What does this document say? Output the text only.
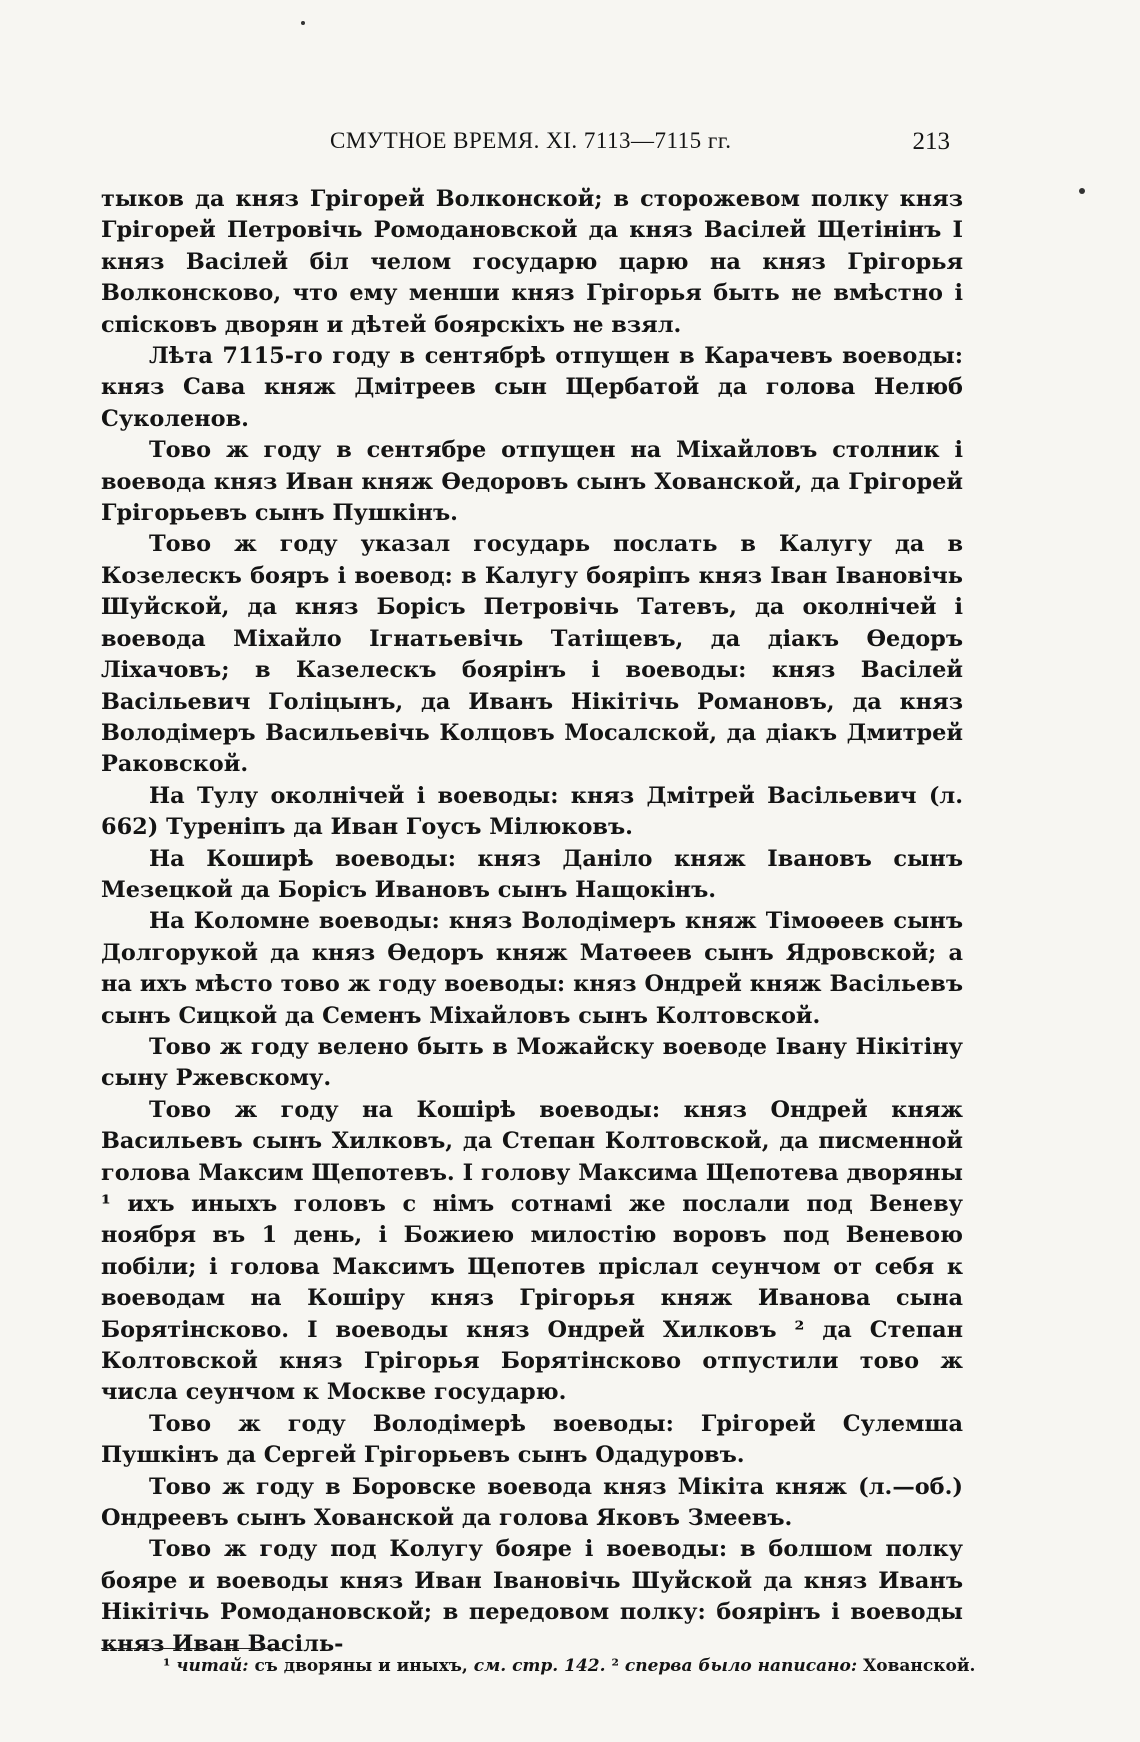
СМУТНОЕ ВРЕМЯ. XI. 7113—7115 гг.	213

тыков да княз Грігорей Волконской; в сторожевом полку княз Грігорей Петровічь Ромодановской да княз Васілей Щетінінъ І княз Васілей біл челом государю царю на княз Грігорья Волконсково, что ему менши княз Грігорья быть не вмѣстно і спісковъ дворян и дѣтей боярскіхъ не взял.

Лѣта 7115-го году в сентябрѣ отпущен в Карачевъ воеводы: княз Сава княж Дмітреев сын Щербатой да голова Нелюб Суколенов.

Тово ж году в сентябре отпущен на Міхайловъ столник і воевода княз Иван княж Өедоровъ сынъ Хованской, да Грігорей Грігорьевъ сынъ Пушкінъ.

Тово ж году указал государь послать в Калугу да в Козелескъ бояръ і воевод: в Калугу бояріпъ княз Іван Івановічь Шуйской, да княз Борісъ Петровічь Татевъ, да околнічей і воевода Міхайло Ігнатьевічь Татіщевъ, да діакъ Өедоръ Ліхачовъ; в Казелескъ боярінъ і воеводы: княз Васілей Васільевич Голіцынъ, да Иванъ Нікітічь Романовъ, да княз Володімеръ Васильевічь Колцовъ Мосалской, да діакъ Дмитрей Раковской.

На Тулу околнічей і воеводы: княз Дмітрей Васільевич (л. 662) Туреніпъ да Иван Гоусъ Мілюковъ.

На Коширѣ воеводы: княз Даніло княж Івановъ сынъ Мезецкой да Борісъ Ивановъ сынъ Нащокінъ.

На Коломне воеводы: княз Володімеръ княж Тімоөеев сынъ Долгорукой да княз Өедоръ княж Матөеев сынъ Ядровской; а на ихъ мѣсто тово ж году воеводы: княз Ондрей княж Васільевъ сынъ Сицкой да Семенъ Міхайловъ сынъ Колтовской.

Тово ж году велено быть в Можайску воеводе Івану Нікітіну сыну Ржевскому.

Тово ж году на Кошірѣ воеводы: княз Ондрей княж Васильевъ сынъ Хилковъ, да Степан Колтовской, да писменной голова Максим Щепотевъ. І голову Максима Щепотева дворяны ¹ ихъ иныхъ головъ с німъ сотнамі же послали под Веневу ноября въ 1 день, і Божиею милостію воровъ под Веневою побіли; і голова Максимъ Щепотев пріслал сеунчом от себя к воеводам на Кошіру княз Грігорья княж Иванова сына Борятінсково. І воеводы княз Ондрей Хилковъ ² да Степан Колтовской княз Грігорья Борятінсково отпустили тово ж числа сеунчом к Москве государю.

Тово ж году Володімерѣ воеводы: Грігорей Сулемша Пушкінъ да Сергей Грігорьевъ сынъ Одадуровъ.

Тово ж году в Боровске воевода княз Мікіта княж (л.—об.) Ондреевъ сынъ Хованской да голова Яковъ Змеевъ.

Тово ж году под Колугу бояре і воеводы: в болшом полку бояре и воеводы княз Иван Івановічь Шуйской да княз Иванъ Нікітічь Ромодановской; в передовом полку: боярінъ і воеводы княз Иван Васіль-

¹ читай: съ дворяны и иныхъ, см. стр. 142. ² сперва было написано: Хованской.
